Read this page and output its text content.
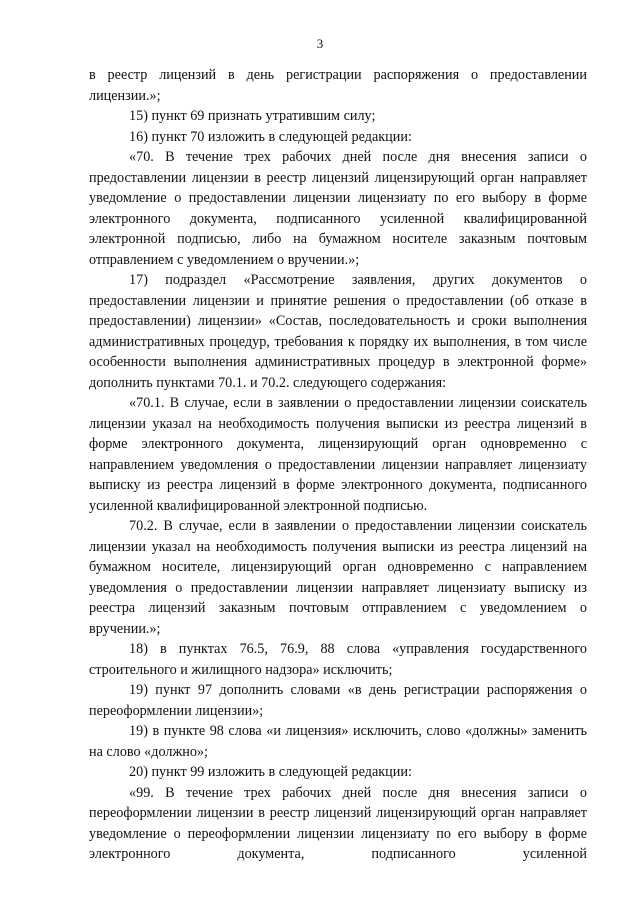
3

в реестр лицензий в день регистрации распоряжения о предоставлении лицензии.»;

15) пункт 69 признать утратившим силу;

16) пункт 70 изложить в следующей редакции:

«70. В течение трех рабочих дней после дня внесения записи о предоставлении лицензии в реестр лицензий лицензирующий орган направляет уведомление о предоставлении лицензии лицензиату по его выбору в форме электронного документа, подписанного усиленной квалифицированной электронной подписью, либо на бумажном носителе заказным почтовым отправлением с уведомлением о вручении.»;

17) подраздел «Рассмотрение заявления, других документов о предоставлении лицензии и принятие решения о предоставлении (об отказе в предоставлении) лицензии» «Состав, последовательность и сроки выполнения административных процедур, требования к порядку их выполнения, в том числе особенности выполнения административных процедур в электронной форме» дополнить пунктами 70.1. и 70.2. следующего содержания:

«70.1. В случае, если в заявлении о предоставлении лицензии соискатель лицензии указал на необходимость получения выписки из реестра лицензий в форме электронного документа, лицензирующий орган одновременно с направлением уведомления о предоставлении лицензии направляет лицензиату выписку из реестра лицензий в форме электронного документа, подписанного усиленной квалифицированной электронной подписью.

70.2. В случае, если в заявлении о предоставлении лицензии соискатель лицензии указал на необходимость получения выписки из реестра лицензий на бумажном носителе, лицензирующий орган одновременно с направлением уведомления о предоставлении лицензии направляет лицензиату выписку из реестра лицензий заказным почтовым отправлением с уведомлением о вручении.»;

18) в пунктах 76.5, 76.9, 88 слова «управления государственного строительного и жилищного надзора» исключить;

19) пункт 97 дополнить словами «в день регистрации распоряжения о переоформлении лицензии»;

19) в пункте 98 слова «и лицензия» исключить, слово «должны» заменить на слово «должно»;

20) пункт 99 изложить в следующей редакции:

«99. В течение трех рабочих дней после дня внесения записи о переоформлении лицензии в реестр лицензий лицензирующий орган направляет уведомление о переоформлении лицензии лицензиату по его выбору в форме электронного документа, подписанного усиленной
